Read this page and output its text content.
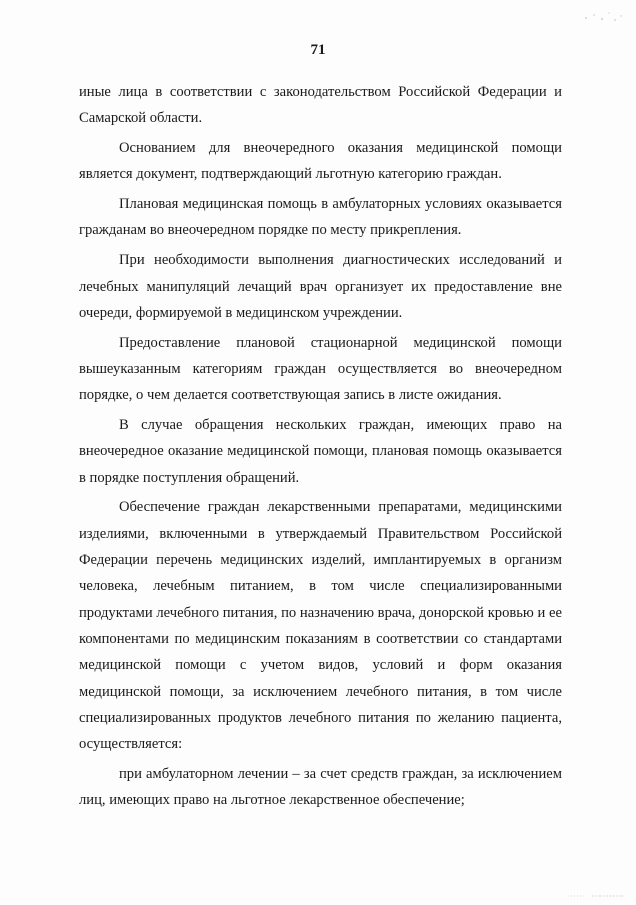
71

иные лица в соответствии с законодательством Российской Федерации и Самарской области.

Основанием для внеочередного оказания медицинской помощи является документ, подтверждающий льготную категорию граждан.

Плановая медицинская помощь в амбулаторных условиях оказывается гражданам во внеочередном порядке по месту прикрепления.

При необходимости выполнения диагностических исследований и лечебных манипуляций лечащий врач организует их предоставление вне очереди, формируемой в медицинском учреждении.

Предоставление плановой стационарной медицинской помощи вышеуказанным категориям граждан осуществляется во внеочередном порядке, о чем делается соответствующая запись в листе ожидания.

В случае обращения нескольких граждан, имеющих право на внеочередное оказание медицинской помощи, плановая помощь оказывается в порядке поступления обращений.

Обеспечение граждан лекарственными препаратами, медицинскими изделиями, включенными в утверждаемый Правительством Российской Федерации перечень медицинских изделий, имплантируемых в организм человека, лечебным питанием, в том числе специализированными продуктами лечебного питания, по назначению врача, донорской кровью и ее компонентами по медицинским показаниям в соответствии со стандартами медицинской помощи с учетом видов, условий и форм оказания медицинской помощи, за исключением лечебного питания, в том числе специализированных продуктов лечебного питания по желанию пациента, осуществляется:

при амбулаторном лечении – за счет средств граждан, за исключением лиц, имеющих право на льготное лекарственное обеспечение;
